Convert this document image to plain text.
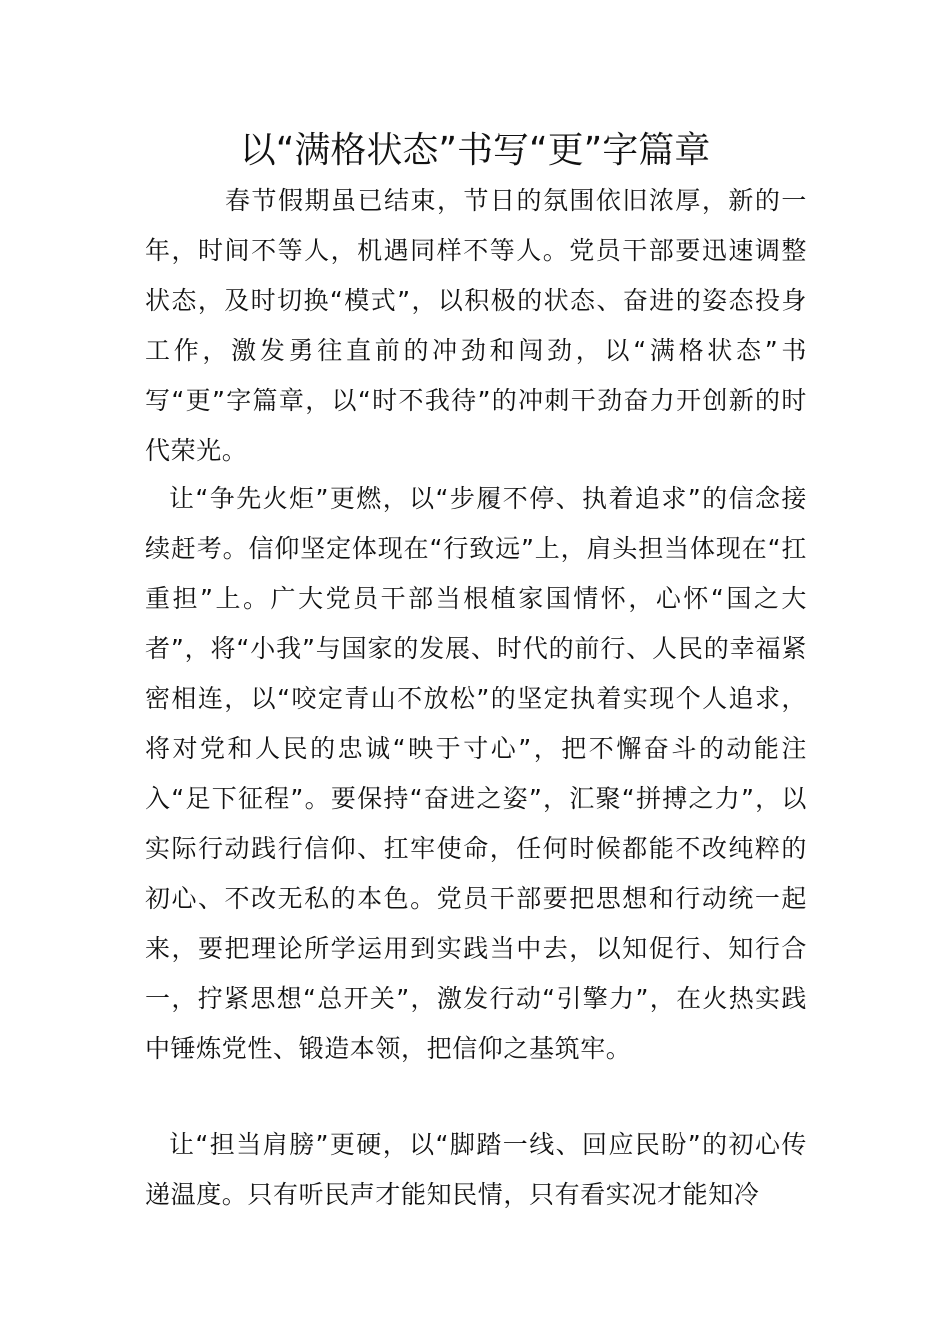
以“满格状态”书写“更”字篇章

春节假期虽已结束，节日的氛围依旧浓厚，新的一年，时间不等人，机遇同样不等人。党员干部要迅速调整状态，及时切换“模式”，以积极的状态、奋进的姿态投身工作，激发勇往直前的冲劲和闯劲，以“满格状态”书写“更”字篇章，以“时不我待”的冲刺干劲奋力开创新的时代荣光。

让“争先火炬”更燃，以“步履不停、执着追求”的信念接续赶考。信仰坚定体现在“行致远”上，肩头担当体现在“扛重担”上。广大党员干部当根植家国情怀，心怀“国之大者”，将“小我”与国家的发展、时代的前行、人民的幸福紧密相连，以“咬定青山不放松”的坚定执着实现个人追求，将对党和人民的忠诚“映于寸心”，把不懈奋斗的动能注入“足下征程”。要保持“奋进之姿”，汇聚“拼搏之力”，以实际行动践行信仰、扛牢使命，任何时候都能不改纯粹的初心、不改无私的本色。党员干部要把思想和行动统一起来，要把理论所学运用到实践当中去，以知促行、知行合一，拧紧思想“总开关”，激发行动“引擎力”，在火热实践中锤炼党性、锻造本领，把信仰之基筑牢。

让“担当肩膀”更硬，以“脚踏一线、回应民盼”的初心传递温度。只有听民声才能知民情，只有看实况才能知冷
